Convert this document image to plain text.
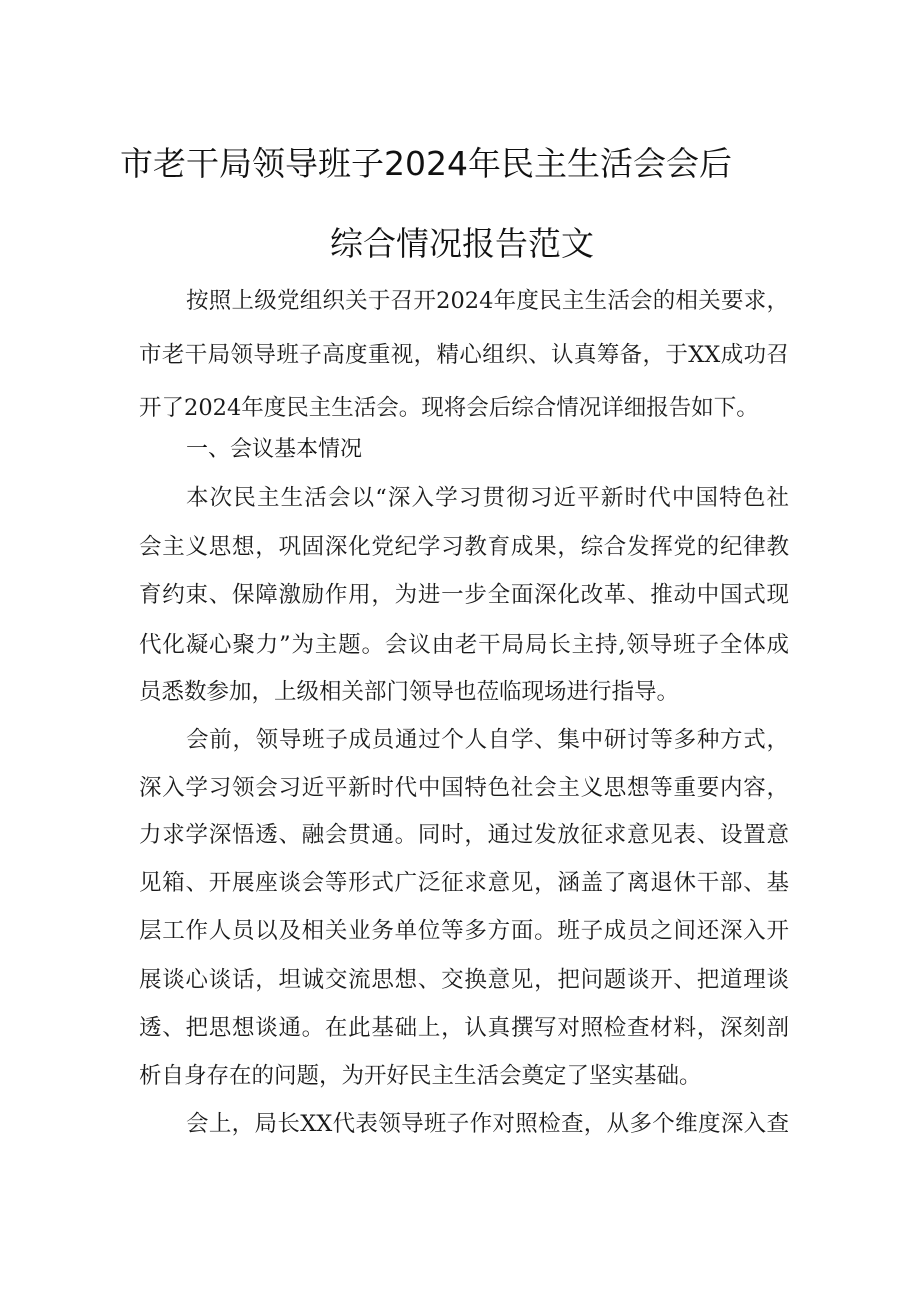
市老干局领导班子2024年民主生活会会后
综合情况报告范文
按照上级党组织关于召开2024年度民主生活会的相关要求，
市老干局领导班子高度重视，精心组织、认真筹备，于XX成功召
开了2024年度民主生活会。现将会后综合情况详细报告如下。
一、会议基本情况
本次民主生活会以“深入学习贯彻习近平新时代中国特色社
会主义思想，巩固深化党纪学习教育成果，综合发挥党的纪律教
育约束、保障激励作用，为进一步全面深化改革、推动中国式现
代化凝心聚力”为主题。会议由老干局局长主持,领导班子全体成
员悉数参加，上级相关部门领导也莅临现场进行指导。
会前，领导班子成员通过个人自学、集中研讨等多种方式，
深入学习领会习近平新时代中国特色社会主义思想等重要内容，
力求学深悟透、融会贯通。同时，通过发放征求意见表、设置意
见箱、开展座谈会等形式广泛征求意见，涵盖了离退休干部、基
层工作人员以及相关业务单位等多方面。班子成员之间还深入开
展谈心谈话，坦诚交流思想、交换意见，把问题谈开、把道理谈
透、把思想谈通。在此基础上，认真撰写对照检查材料，深刻剖
析自身存在的问题，为开好民主生活会奠定了坚实基础。
会上，局长XX代表领导班子作对照检查，从多个维度深入查
